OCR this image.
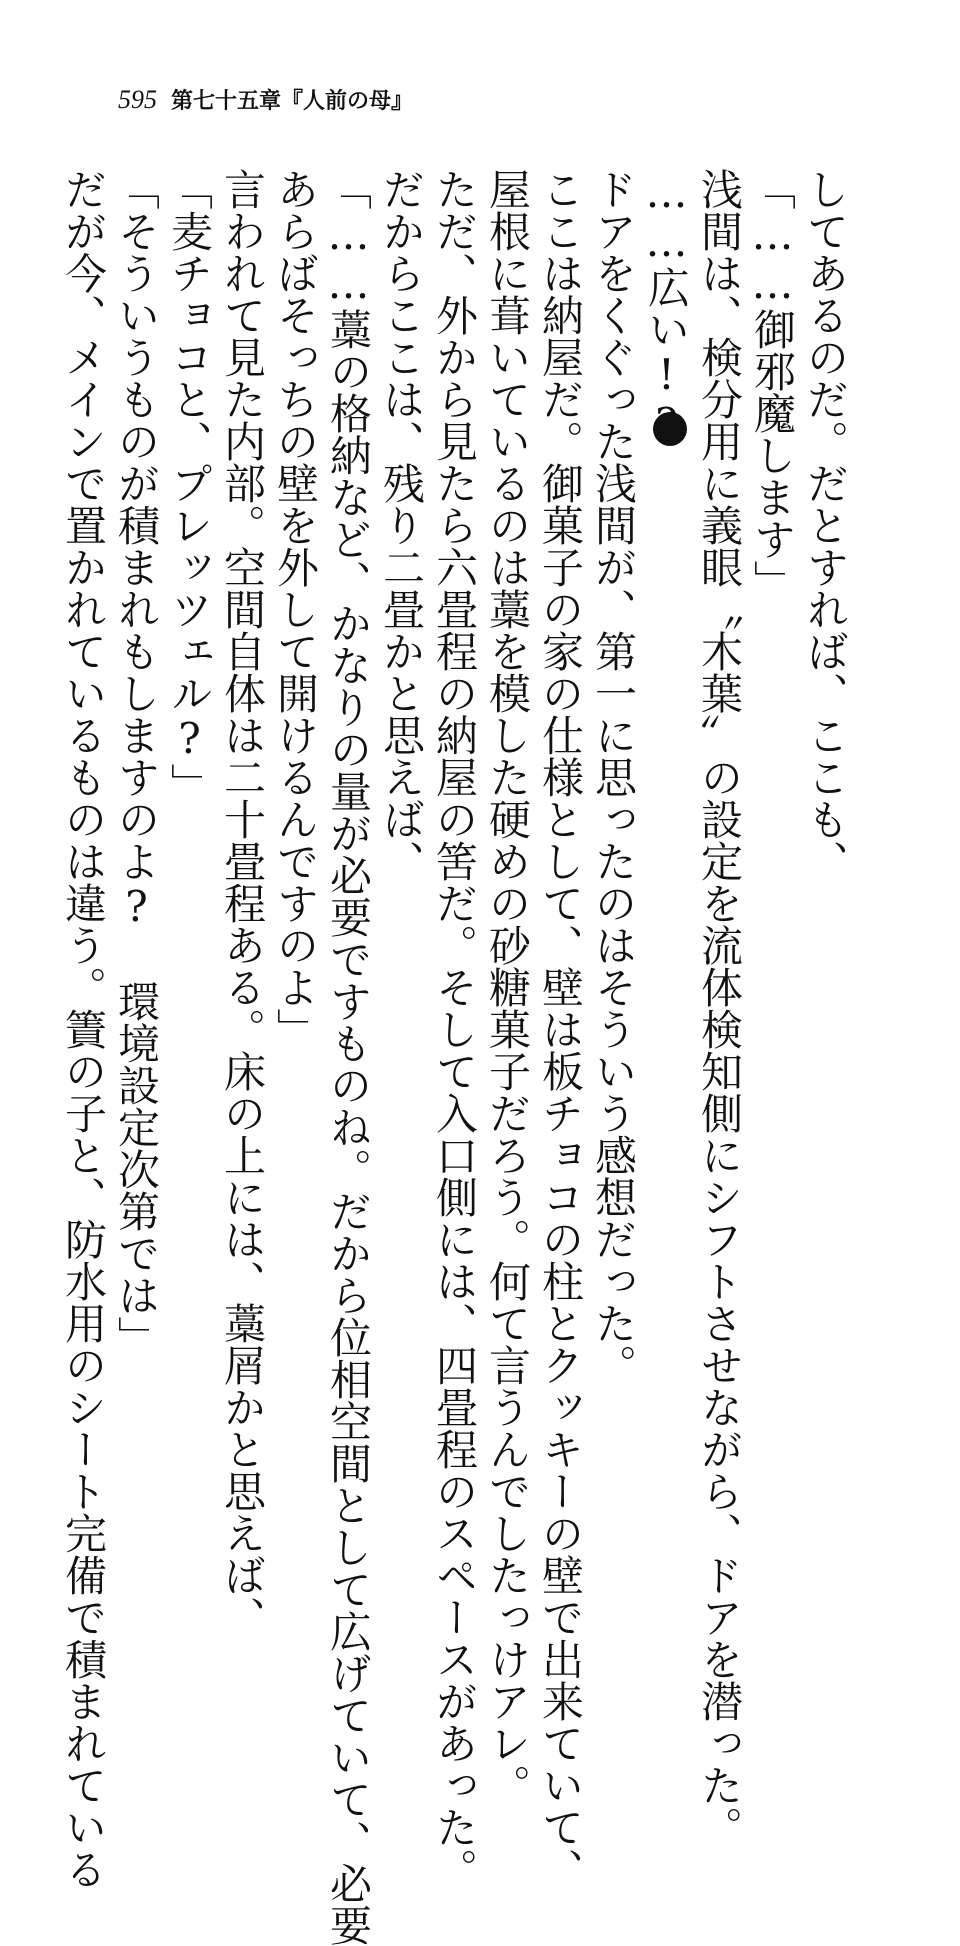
595 第七十五章『人前の母』
してあるのだ。だとすれば、ここも、
「……御邪魔します」
浅間は、検分用に義眼〝木葉〟の設定を流体検知側にシフトさせながら、ドアを潜った。
……広い!?
ドアをくぐった浅間が、第一に思ったのはそういう感想だった。
ここは納屋だ。御菓子の家の仕様として、壁は板チョコの柱とクッキーの壁で出来ていて、
屋根に葺いているのは藁を模した硬めの砂糖菓子だろう。何て言うんでしたっけアレ。
ただ、外から見たら六畳程の納屋の筈だ。そして入口側には、四畳程のスペースがあった。
だからここは、残り二畳かと思えば、
「……藁の格納など、かなりの量が必要ですものね。だから位相空間として広げていて、必要
あらばそっちの壁を外して開けるんですのよ」
言われて見た内部。空間自体は二十畳程ある。床の上には、藁屑かと思えば、
「麦チョコと、プレッツェル?」
「そういうものが積まれもしますのよ? 環境設定次第では」
だが今、メインで置かれているものは違う。簀の子と、防水用のシート完備で積まれている
